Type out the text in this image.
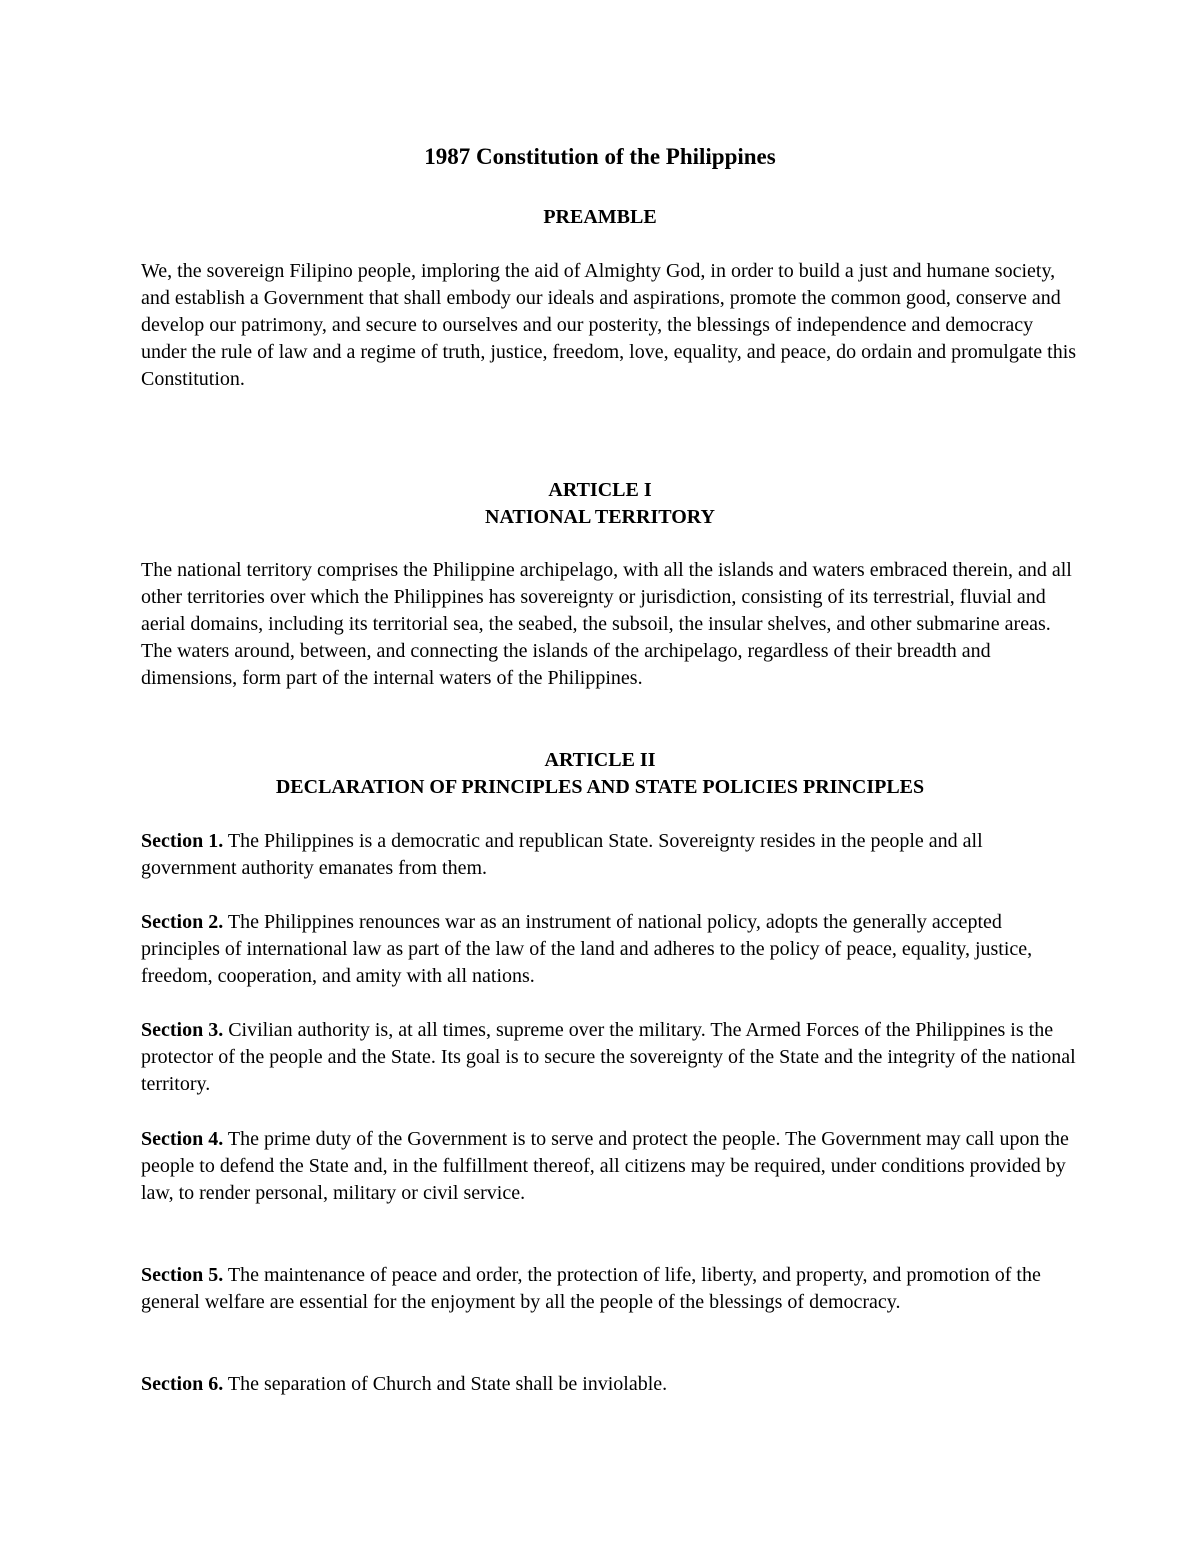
1987 Constitution of the Philippines
PREAMBLE

We, the sovereign Filipino people, imploring the aid of Almighty God, in order to build a just and humane society, and establish a Government that shall embody our ideals and aspirations, promote the common good, conserve and develop our patrimony, and secure to ourselves and our posterity, the blessings of independence and democracy under the rule of law and a regime of truth, justice, freedom, love, equality, and peace, do ordain and promulgate this Constitution.

ARTICLE I
NATIONAL TERRITORY

The national territory comprises the Philippine archipelago, with all the islands and waters embraced therein, and all other territories over which the Philippines has sovereignty or jurisdiction, consisting of its terrestrial, fluvial and aerial domains, including its territorial sea, the seabed, the subsoil, the insular shelves, and other submarine areas. The waters around, between, and connecting the islands of the archipelago, regardless of their breadth and dimensions, form part of the internal waters of the Philippines.

ARTICLE II
DECLARATION OF PRINCIPLES AND STATE POLICIES PRINCIPLES

Section 1. The Philippines is a democratic and republican State. Sovereignty resides in the people and all government authority emanates from them.

Section 2. The Philippines renounces war as an instrument of national policy, adopts the generally accepted principles of international law as part of the law of the land and adheres to the policy of peace, equality, justice, freedom, cooperation, and amity with all nations.

Section 3. Civilian authority is, at all times, supreme over the military. The Armed Forces of the Philippines is the protector of the people and the State. Its goal is to secure the sovereignty of the State and the integrity of the national territory.

Section 4. The prime duty of the Government is to serve and protect the people. The Government may call upon the people to defend the State and, in the fulfillment thereof, all citizens may be required, under conditions provided by law, to render personal, military or civil service.

Section 5. The maintenance of peace and order, the protection of life, liberty, and property, and promotion of the general welfare are essential for the enjoyment by all the people of the blessings of democracy.

Section 6. The separation of Church and State shall be inviolable.
